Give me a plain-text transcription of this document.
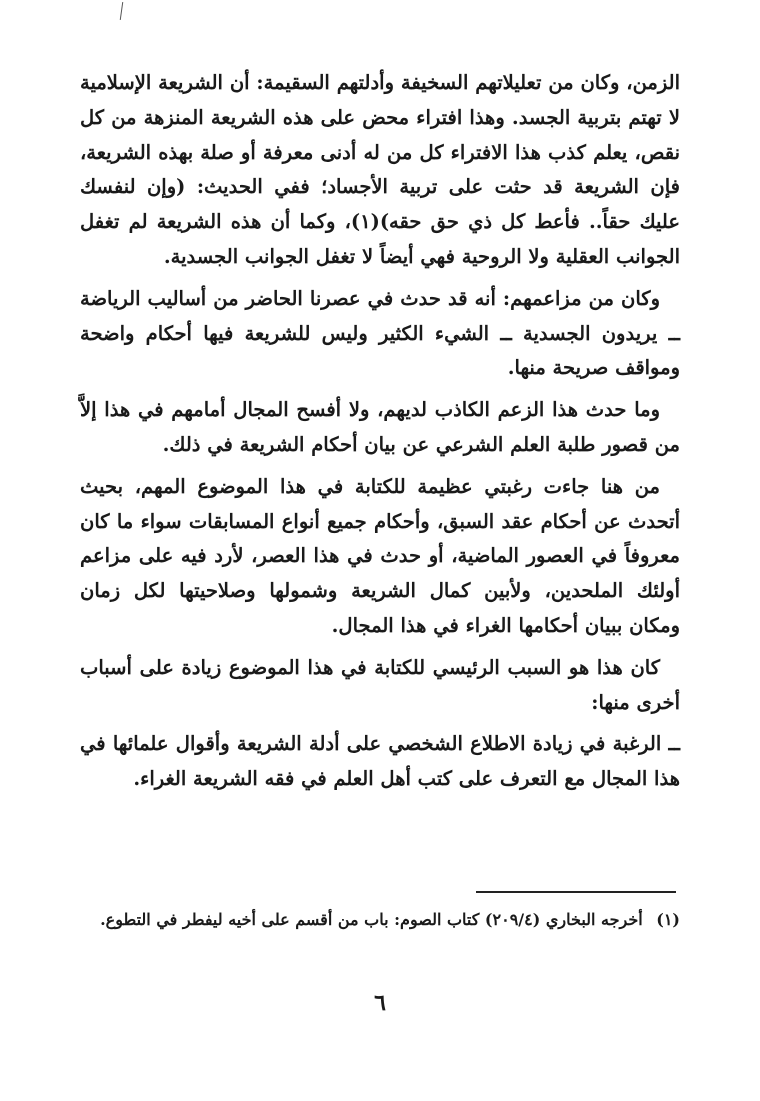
الزمن، وكان من تعليلاتهم السخيفة وأدلتهم السقيمة: أن الشريعة الإسلامية لا تهتم بتربية الجسد. وهذا افتراء محض على هذه الشريعة المنزهة من كل نقص، يعلم كذب هذا الافتراء كل من له أدنى معرفة أو صلة بهذه الشريعة، فإن الشريعة قد حثت على تربية الأجساد؛ ففي الحديث: (وإن لنفسك عليك حقاً.. فأعط كل ذي حق حقه)(١)، وكما أن هذه الشريعة لم تغفل الجوانب العقلية ولا الروحية فهي أيضاً لا تغفل الجوانب الجسدية.

وكان من مزاعمهم: أنه قد حدث في عصرنا الحاضر من أساليب الرياضة ــ يريدون الجسدية ــ الشيء الكثير وليس للشريعة فيها أحكام واضحة ومواقف صريحة منها.

وما حدث هذا الزعم الكاذب لديهم، ولا أفسح المجال أمامهم في هذا إلاَّ من قصور طلبة العلم الشرعي عن بيان أحكام الشريعة في ذلك.

من هنا جاءت رغبتي عظيمة للكتابة في هذا الموضوع المهم، بحيث أتحدث عن أحكام عقد السبق، وأحكام جميع أنواع المسابقات سواء ما كان معروفاً في العصور الماضية، أو حدث في هذا العصر، لأرد فيه على مزاعم أولئك الملحدين، ولأبين كمال الشريعة وشمولها وصلاحيتها لكل زمان ومكان ببيان أحكامها الغراء في هذا المجال.

كان هذا هو السبب الرئيسي للكتابة في هذا الموضوع زيادة على أسباب أخرى منها:

ــ الرغبة في زيادة الاطلاع الشخصي على أدلة الشريعة وأقوال علمائها في هذا المجال مع التعرف على كتب أهل العلم في فقه الشريعة الغراء.

(١) أخرجه البخاري (٢٠٩/٤) كتاب الصوم: باب من أقسم على أخيه ليفطر في التطوع.

٦
